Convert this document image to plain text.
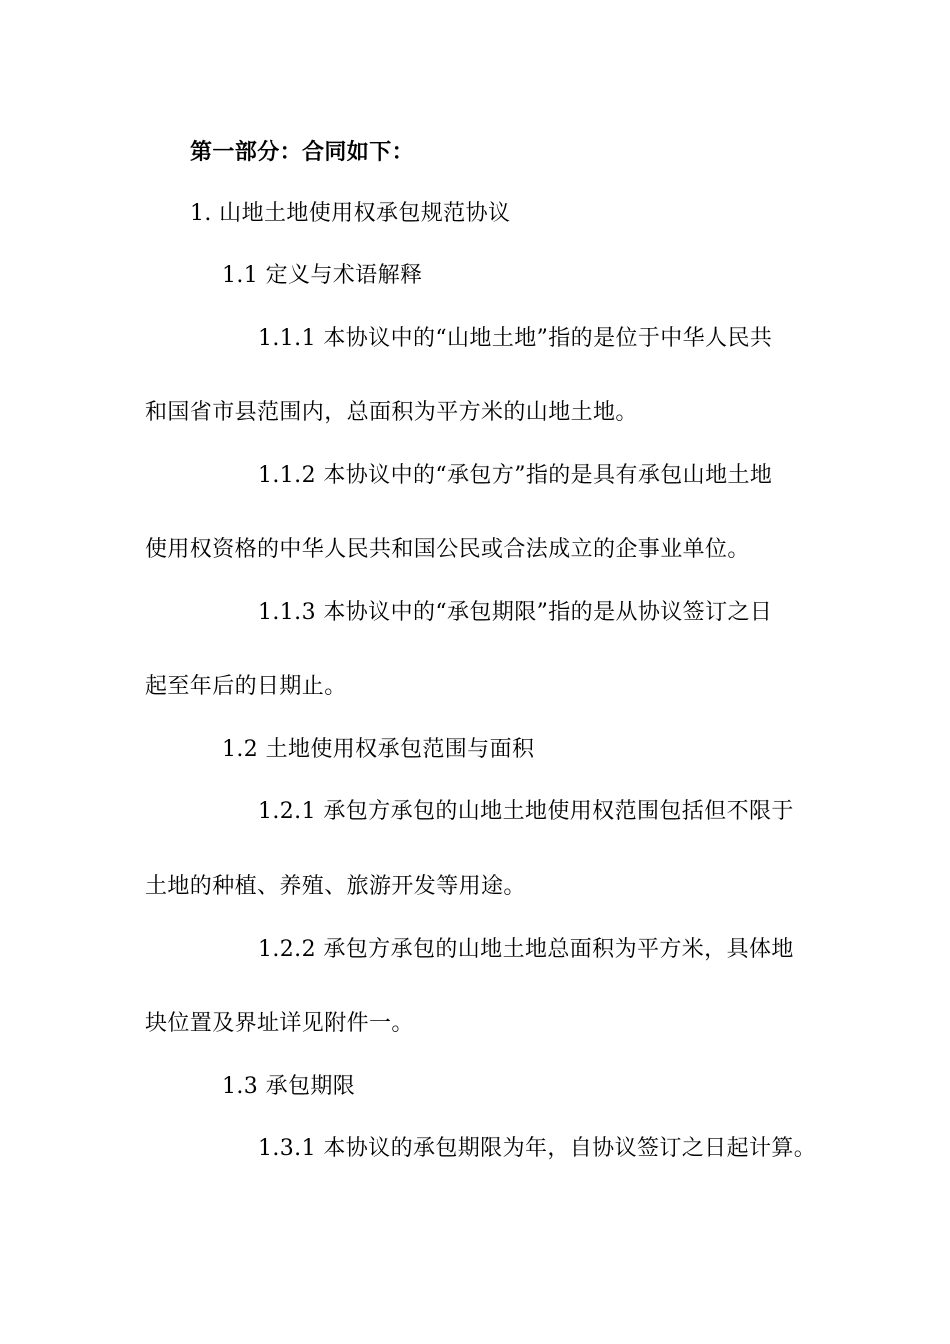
第一部分：合同如下：
1. 山地土地使用权承包规范协议
1.1 定义与术语解释
1.1.1 本协议中的“山地土地”指的是位于中华人民共
和国省市县范围内，总面积为平方米的山地土地。
1.1.2 本协议中的“承包方”指的是具有承包山地土地
使用权资格的中华人民共和国公民或合法成立的企事业单位。
1.1.3 本协议中的“承包期限”指的是从协议签订之日
起至年后的日期止。
1.2 土地使用权承包范围与面积
1.2.1 承包方承包的山地土地使用权范围包括但不限于
土地的种植、养殖、旅游开发等用途。
1.2.2 承包方承包的山地土地总面积为平方米，具体地
块位置及界址详见附件一。
1.3 承包期限
1.3.1 本协议的承包期限为年，自协议签订之日起计算。
